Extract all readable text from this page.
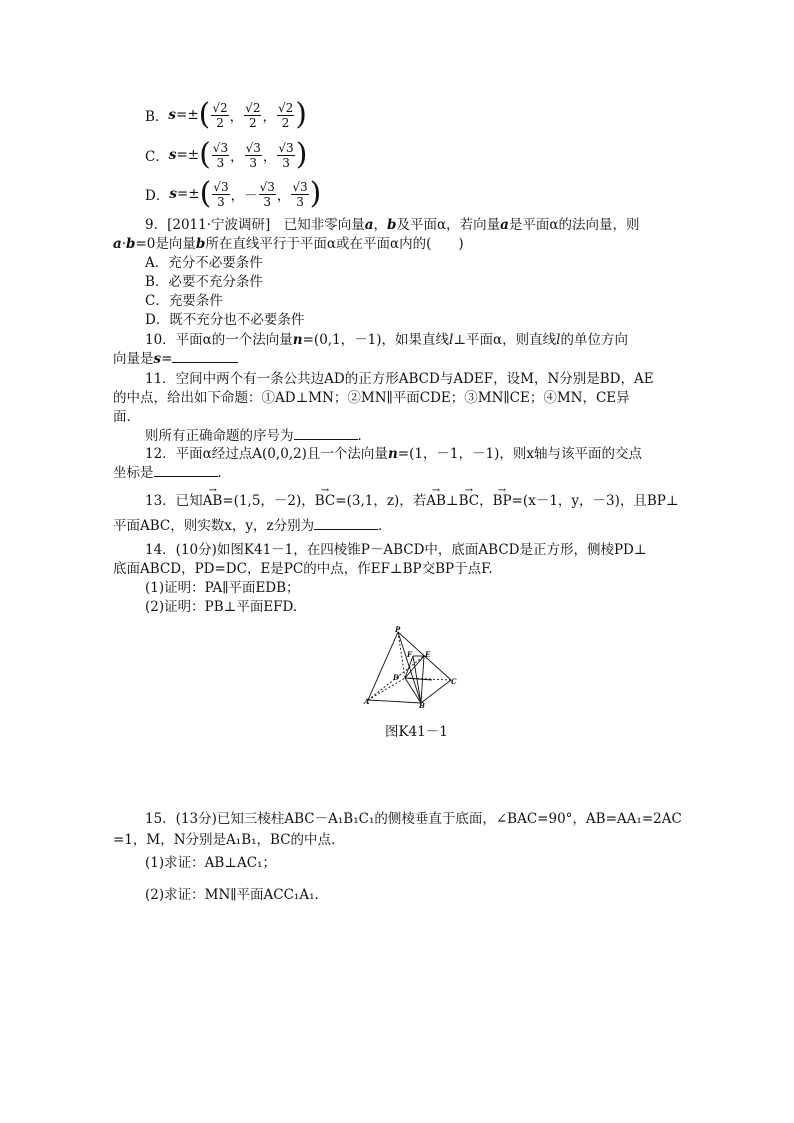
B． s =± ( $\frac{√2}{2}$ ， $\frac{√2}{2}$ ， $\frac{√2}{2}$ )
C． s =± ( $\frac{√3}{3}$ ， $\frac{√3}{3}$ ， $\frac{√3}{3}$ )
D． s =± ( $\frac{√3}{3}$ ， － $\frac{√3}{3}$ ， $\frac{√3}{3}$ )
9．[2011·宁波调研]　已知非零向量a，b及平面α，若向量a是平面α的法向量，则
a·b=0是向量b所在直线平行于平面α或在平面α内的(　　)
A．充分不必要条件
B．必要不充分条件
C．充要条件
D．既不充分也不必要条件
10．平面α的一个法向量n=(0,1，－1)，如果直线l⊥平面α，则直线l的单位方向
向量是s=
11．空间中两个有一条公共边AD的正方形ABCD与ADEF，设M，N分别是BD，AE
的中点，给出如下命题：①AD⊥MN；②MN∥平面CDE；③MN∥CE；④MN，CE异
面．
则所有正确命题的序号为	．
12．平面α经过点A(0,0,2)且一个法向量n=(1，－1，－1)，则x轴与该平面的交点
坐标是	．
13．已知→ AB=(1,5，－2)，→ BC=(3,1，z)，若→ AB⊥→ BC，→ BP=(x－1，y，－3)，且BP⊥
平面ABC，则实数x，y，z分别为	．
14．(10分)如图K41－1，在四棱锥P－ABCD中，底面ABCD是正方形，侧棱PD⊥
底面ABCD，PD=DC，E是PC的中点，作EF⊥BP交BP于点F.
(1)证明：PA∥平面EDB；
(2)证明：PB⊥平面EFD.
P
F E
D	C
A	B
图K41－1
15．(13分)已知三棱柱ABC－A₁B₁C₁的侧棱垂直于底面，∠BAC=90°，AB=AA₁=2AC
=1，M，N分别是A₁B₁，BC的中点．
(1)求证：AB⊥AC₁；
(2)求证：MN∥平面ACC₁A₁.
